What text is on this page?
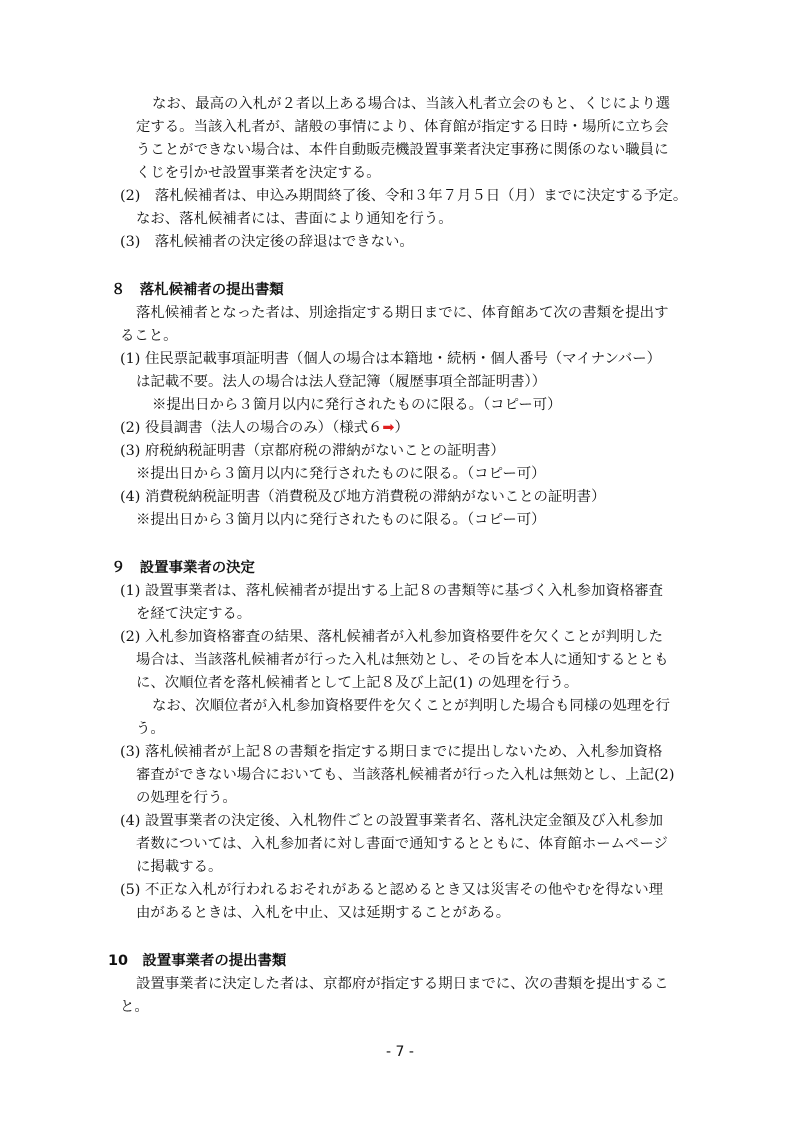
なお、最高の入札が２者以上ある場合は、当該入札者立会のもと、くじにより選
定する。当該入札者が、諸般の事情により、体育館が指定する日時・場所に立ち会
うことができない場合は、本件自動販売機設置事業者決定事務に関係のない職員に
くじを引かせ設置事業者を決定する。
(2)　落札候補者は、申込み期間終了後、令和３年７月５日（月）までに決定する予定。
なお、落札候補者には、書面により通知を行う。
(3)　落札候補者の決定後の辞退はできない。
８　落札候補者の提出書類
落札候補者となった者は、別途指定する期日までに、体育館あて次の書類を提出す
ること。
(1) 住民票記載事項証明書（個人の場合は本籍地・続柄・個人番号（マイナンバー）
は記載不要。法人の場合は法人登記簿（履歴事項全部証明書））
※提出日から３箇月以内に発行されたものに限る。（コピー可）
(2) 役員調書（法人の場合のみ）（様式６➡）
(3) 府税納税証明書（京都府税の滞納がないことの証明書）
※提出日から３箇月以内に発行されたものに限る。（コピー可）
(4) 消費税納税証明書（消費税及び地方消費税の滞納がないことの証明書）
※提出日から３箇月以内に発行されたものに限る。（コピー可）
９　設置事業者の決定
(1) 設置事業者は、落札候補者が提出する上記８の書類等に基づく入札参加資格審査
を経て決定する。
(2) 入札参加資格審査の結果、落札候補者が入札参加資格要件を欠くことが判明した
場合は、当該落札候補者が行った入札は無効とし、その旨を本人に通知するととも
に、次順位者を落札候補者として上記８及び上記(1) の処理を行う。
なお、次順位者が入札参加資格要件を欠くことが判明した場合も同様の処理を行
う。
(3) 落札候補者が上記８の書類を指定する期日までに提出しないため、入札参加資格
審査ができない場合においても、当該落札候補者が行った入札は無効とし、上記(2)
の処理を行う。
(4) 設置事業者の決定後、入札物件ごとの設置事業者名、落札決定金額及び入札参加
者数については、入札参加者に対し書面で通知するとともに、体育館ホームページ
に掲載する。
(5) 不正な入札が行われるおそれがあると認めるとき又は災害その他やむを得ない理
由があるときは、入札を中止、又は延期することがある。
10　設置事業者の提出書類
設置事業者に決定した者は、京都府が指定する期日までに、次の書類を提出するこ
と。
- 7 -
